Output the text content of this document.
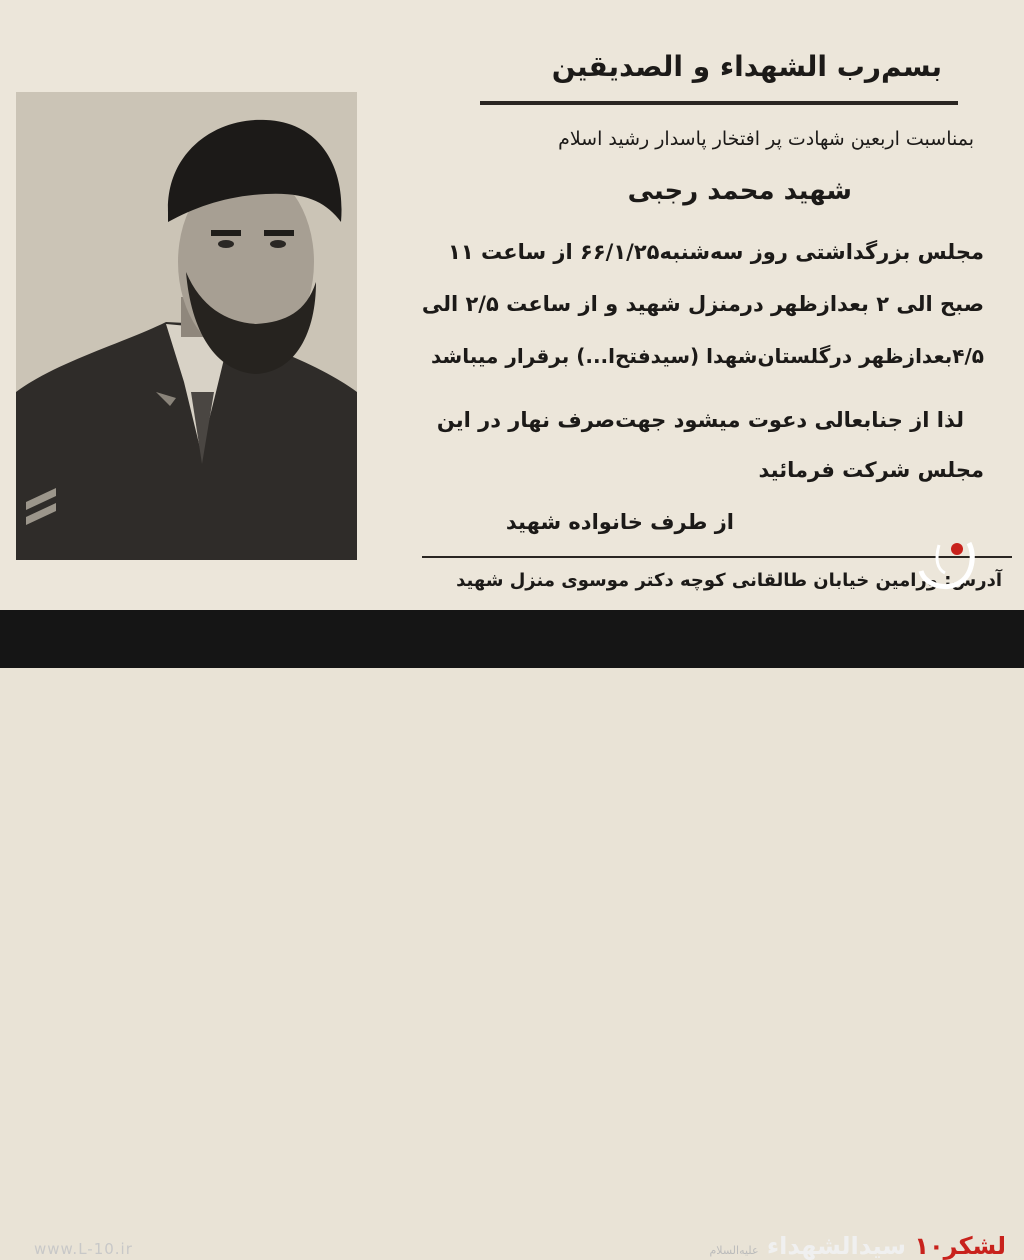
بسم‌رب الشهداء و الصدیقین
بمناسبت اربعین شهادت پر افتخار پاسدار رشید اسلام
شهید محمد رجبی
مجلس بزرگداشتی روز سه‌شنبه۶۶/۱/۲۵ از ساعت ۱۱
صبح الی ۲ بعدازظهر درمنزل شهید و از ساعت ۲/۵ الی
۴/۵بعدازظهر درگلستان‌شهدا (سیدفتح‌ا...) برقرار میباشد
لذا از جنابعالی دعوت میشود جهت‌صرف نهار در این
مجلس شرکت فرمائید
از طرف خانواده شهید
آدرس: ورامین خیابان طالقانی کوچه دکتر موسوی منزل شهید
www.L-10.ir	لشکر۱۰ سیدالشهداء علیه‌السلام
